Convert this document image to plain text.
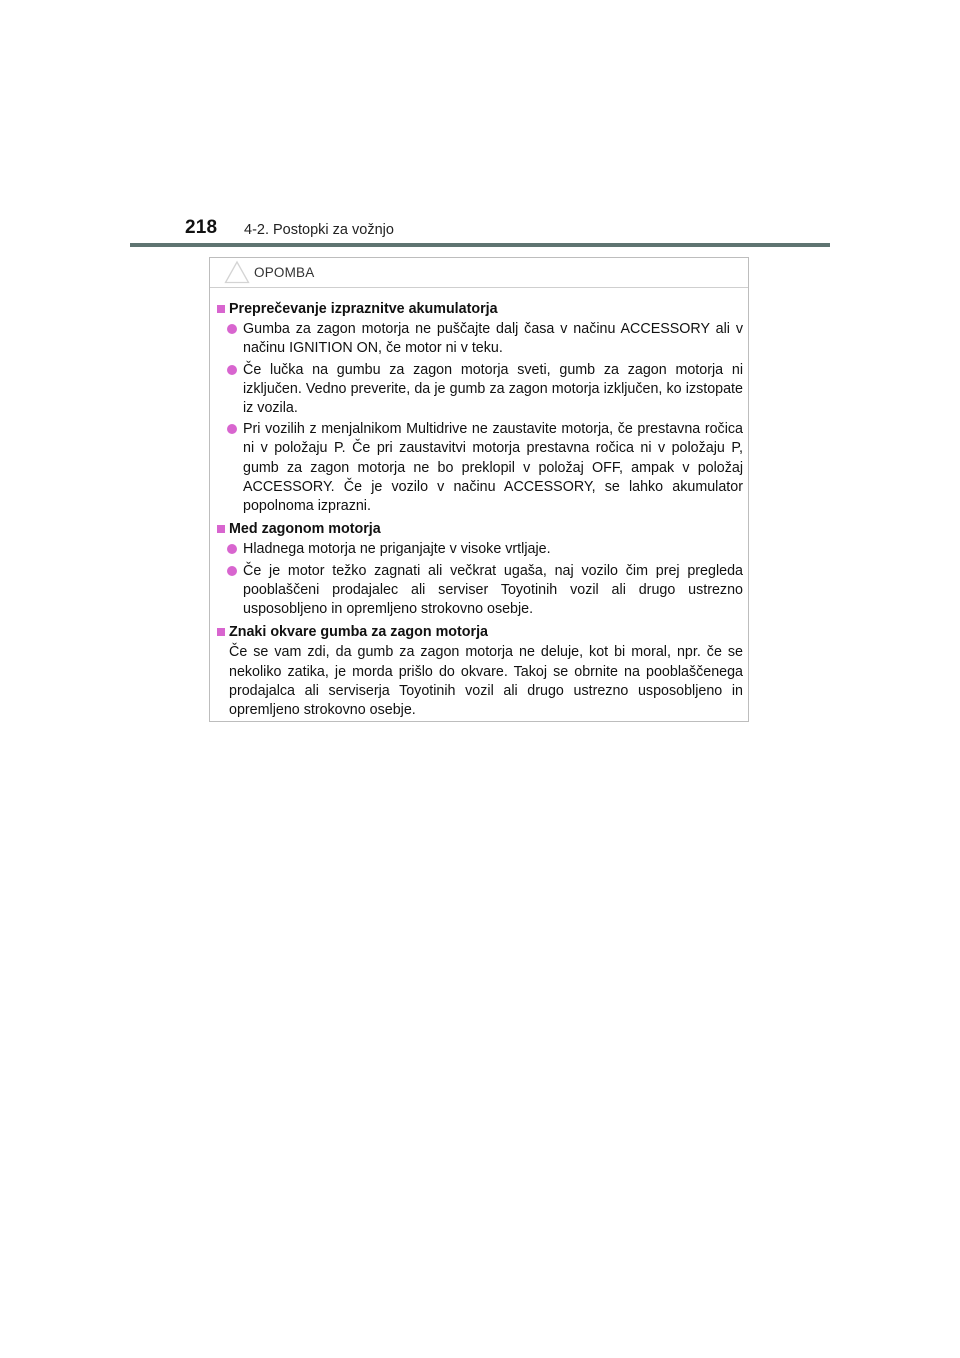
218 4-2. Postopki za vožnjo
OPOMBA
Preprečevanje izpraznitve akumulatorja
Gumba za zagon motorja ne puščajte dalj časa v načinu ACCESSORY ali v načinu IGNITION ON, če motor ni v teku.
Če lučka na gumbu za zagon motorja sveti, gumb za zagon motorja ni izključen. Vedno preverite, da je gumb za zagon motorja izključen, ko izstopate iz vozila.
Pri vozilih z menjalnikom Multidrive ne zaustavite motorja, če prestavna ročica ni v položaju P. Če pri zaustavitvi motorja prestavna ročica ni v položaju P, gumb za zagon motorja ne bo preklopil v položaj OFF, ampak v položaj ACCESSORY. Če je vozilo v načinu ACCESSORY, se lahko akumulator popolnoma izprazni.
Med zagonom motorja
Hladnega motorja ne priganjajte v visoke vrtljaje.
Če je motor težko zagnati ali večkrat ugaša, naj vozilo čim prej pregleda pooblaščeni prodajalec ali serviser Toyotinih vozil ali drugo ustrezno usposobljeno in opremljeno strokovno osebje.
Znaki okvare gumba za zagon motorja
Če se vam zdi, da gumb za zagon motorja ne deluje, kot bi moral, npr. če se nekoliko zatika, je morda prišlo do okvare. Takoj se obrnite na pooblaščenega prodajalca ali serviserja Toyotinih vozil ali drugo ustrezno usposobljeno in opremljeno strokovno osebje.
